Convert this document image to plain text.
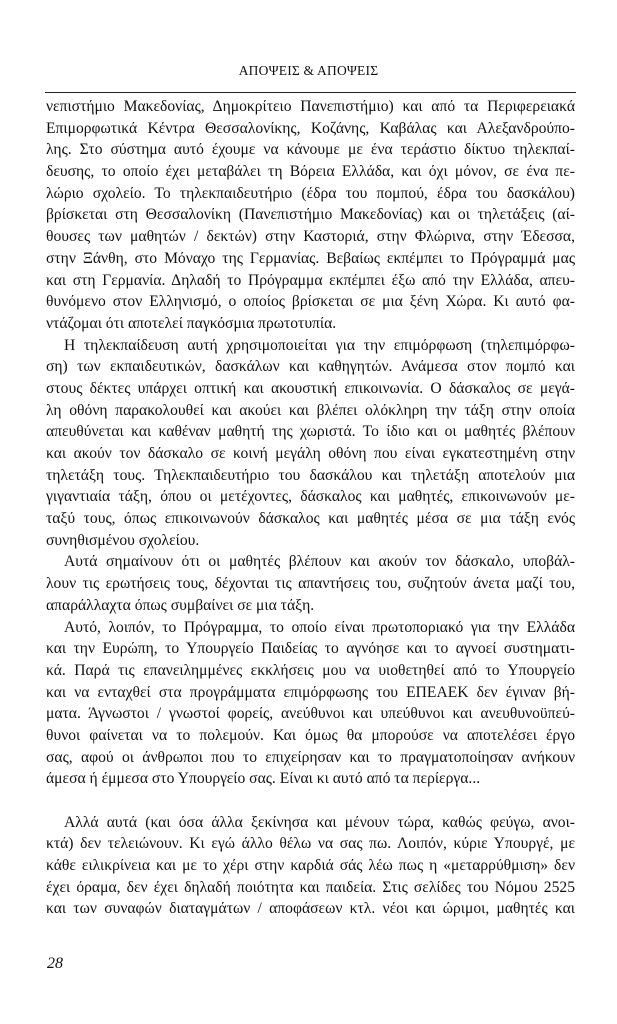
ΑΠΟΨΕΙΣ & ΑΠΟΨΕΙΣ
νεπιστήμιο Μακεδονίας, Δημοκρίτειο Πανεπιστήμιο) και από τα Περιφερειακά
Επιμορφωτικά Κέντρα Θεσσαλονίκης, Κοζάνης, Καβάλας και Αλεξανδρούπο-
λης. Στο σύστημα αυτό έχουμε να κάνουμε με ένα τεράστιο δίκτυο τηλεκπαί-
δευσης, το οποίο έχει μεταβάλει τη Βόρεια Ελλάδα, και όχι μόνον, σε ένα πε-
λώριο σχολείο. Το τηλεκπαιδευτήριο (έδρα του πομπού, έδρα του δασκάλου)
βρίσκεται στη Θεσσαλονίκη (Πανεπιστήμιο Μακεδονίας) και οι τηλετάξεις (αί-
θουσες των μαθητών / δεκτών) στην Καστοριά, στην Φλώρινα, στην Έδεσσα,
στην Ξάνθη, στο Μόναχο της Γερμανίας. Βεβαίως εκπέμπει το Πρόγραμμά μας
και στη Γερμανία. Δηλαδή το Πρόγραμμα εκπέμπει έξω από την Ελλάδα, απευ-
θυνόμενο στον Ελληνισμό, ο οποίος βρίσκεται σε μια ξένη Χώρα. Κι αυτό φα-
ντάζομαι ότι αποτελεί παγκόσμια πρωτοτυπία.
Η τηλεκπαίδευση αυτή χρησιμοποιείται για την επιμόρφωση (τηλεπιμόρφω-
ση) των εκπαιδευτικών, δασκάλων και καθηγητών. Ανάμεσα στον πομπό και
στους δέκτες υπάρχει οπτική και ακουστική επικοινωνία. Ο δάσκαλος σε μεγά-
λη οθόνη παρακολουθεί και ακούει και βλέπει ολόκληρη την τάξη στην οποία
απευθύνεται και καθέναν μαθητή της χωριστά. Το ίδιο και οι μαθητές βλέπουν
και ακούν τον δάσκαλο σε κοινή μεγάλη οθόνη που είναι εγκατεστημένη στην
τηλετάξη τους. Τηλεκπαιδευτήριο του δασκάλου και τηλετάξη αποτελούν μια
γιγαντιαία τάξη, όπου οι μετέχοντες, δάσκαλος και μαθητές, επικοινωνούν με-
ταξύ τους, όπως επικοινωνούν δάσκαλος και μαθητές μέσα σε μια τάξη ενός
συνηθισμένου σχολείου.
Αυτά σημαίνουν ότι οι μαθητές βλέπουν και ακούν τον δάσκαλο, υποβάλ-
λουν τις ερωτήσεις τους, δέχονται τις απαντήσεις του, συζητούν άνετα μαζί του,
απαράλλαχτα όπως συμβαίνει σε μια τάξη.
Αυτό, λοιπόν, το Πρόγραμμα, το οποίο είναι πρωτοποριακό για την Ελλάδα
και την Ευρώπη, το Υπουργείο Παιδείας το αγνόησε και το αγνοεί συστηματι-
κά. Παρά τις επανειλημμένες εκκλήσεις μου να υιοθετηθεί από το Υπουργείο
και να ενταχθεί στα προγράμματα επιμόρφωσης του ΕΠΕΑΕΚ δεν έγιναν βή-
ματα. Άγνωστοι / γνωστοί φορείς, ανεύθυνοι και υπεύθυνοι και ανευθυνοϋπεύ-
θυνοι φαίνεται να το πολεμούν. Και όμως θα μπορούσε να αποτελέσει έργο
σας, αφού οι άνθρωποι που το επιχείρησαν και το πραγματοποίησαν ανήκουν
άμεσα ή έμμεσα στο Υπουργείο σας. Είναι κι αυτό από τα περίεργα...
Αλλά αυτά (και όσα άλλα ξεκίνησα και μένουν τώρα, καθώς φεύγω, ανοι-
κτά) δεν τελειώνουν. Κι εγώ άλλο θέλω να σας πω. Λοιπόν, κύριε Υπουργέ, με
κάθε ειλικρίνεια και με το χέρι στην καρδιά σάς λέω πως η «μεταρρύθμιση» δεν
έχει όραμα, δεν έχει δηλαδή ποιότητα και παιδεία. Στις σελίδες του Νόμου 2525
και των συναφών διαταγμάτων / αποφάσεων κτλ. νέοι και ώριμοι, μαθητές και
28
